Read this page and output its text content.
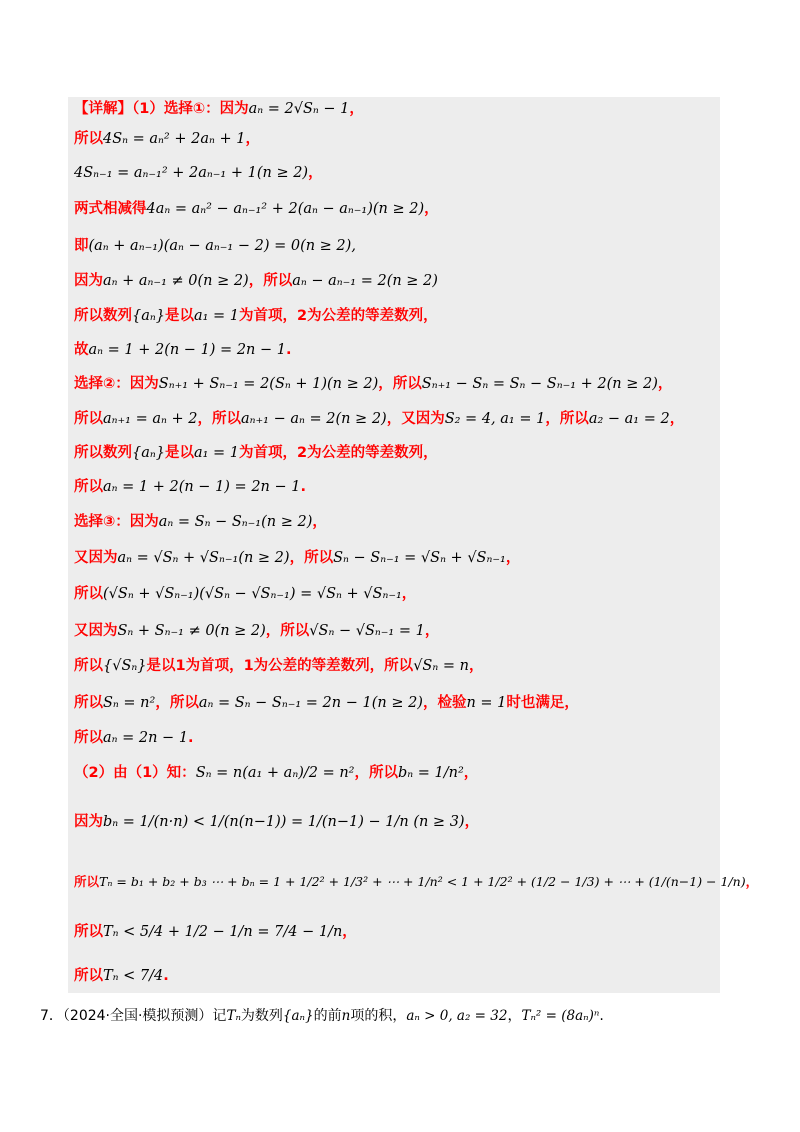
【详解】（1）选择①：因为aₙ = 2√Sₙ − 1，
所以4Sₙ = aₙ² + 2aₙ + 1，
4Sₙ₋₁ = aₙ₋₁² + 2aₙ₋₁ + 1(n ≥ 2)，
两式相减得4aₙ = aₙ² − aₙ₋₁² + 2(aₙ − aₙ₋₁)(n ≥ 2)，
即(aₙ + aₙ₋₁)(aₙ − aₙ₋₁ − 2) = 0(n ≥ 2),
因为aₙ + aₙ₋₁ ≠ 0(n ≥ 2)，所以aₙ − aₙ₋₁ = 2(n ≥ 2)
所以数列{aₙ}是以a₁ = 1为首项，2为公差的等差数列，
故aₙ = 1 + 2(n − 1) = 2n − 1.
选择②：因为Sₙ₊₁ + Sₙ₋₁ = 2(Sₙ + 1)(n ≥ 2)，所以Sₙ₊₁ − Sₙ = Sₙ − Sₙ₋₁ + 2(n ≥ 2)，
所以aₙ₊₁ = aₙ + 2，所以aₙ₊₁ − aₙ = 2(n ≥ 2)，又因为S₂ = 4, a₁ = 1，所以a₂ − a₁ = 2，
所以数列{aₙ}是以a₁ = 1为首项，2为公差的等差数列，
所以aₙ = 1 + 2(n − 1) = 2n − 1.
选择③：因为aₙ = Sₙ − Sₙ₋₁(n ≥ 2)，
又因为aₙ = √Sₙ + √Sₙ₋₁(n ≥ 2)，所以Sₙ − Sₙ₋₁ = √Sₙ + √Sₙ₋₁，
所以(√Sₙ + √Sₙ₋₁)(√Sₙ − √Sₙ₋₁) = √Sₙ + √Sₙ₋₁，
又因为Sₙ + Sₙ₋₁ ≠ 0(n ≥ 2)，所以√Sₙ − √Sₙ₋₁ = 1，
所以{√Sₙ}是以1为首项，1为公差的等差数列，所以√Sₙ = n，
所以Sₙ = n²，所以aₙ = Sₙ − Sₙ₋₁ = 2n − 1(n ≥ 2)，检验n = 1时也满足，
所以aₙ = 2n − 1.
（2）由（1）知：Sₙ = n(a₁ + aₙ)/2 = n²，所以bₙ = 1/n²，
因为bₙ = 1/(n·n) < 1/(n(n−1)) = 1/(n−1) − 1/n (n ≥ 3)，
所以Tₙ = b₁ + b₂ + b₃ ⋯ + bₙ = 1 + 1/2² + 1/3² + ⋯ + 1/n² < 1 + 1/2² + (1/2 − 1/3) + ⋯ + (1/(n−1) − 1/n)，
所以Tₙ < 5/4 + 1/2 − 1/n = 7/4 − 1/n，
所以Tₙ < 7/4.
7．（2024·全国·模拟预测）记Tₙ为数列{aₙ}的前n项的积，aₙ > 0, a₂ = 32，Tₙ² = (8aₙ)ⁿ.
